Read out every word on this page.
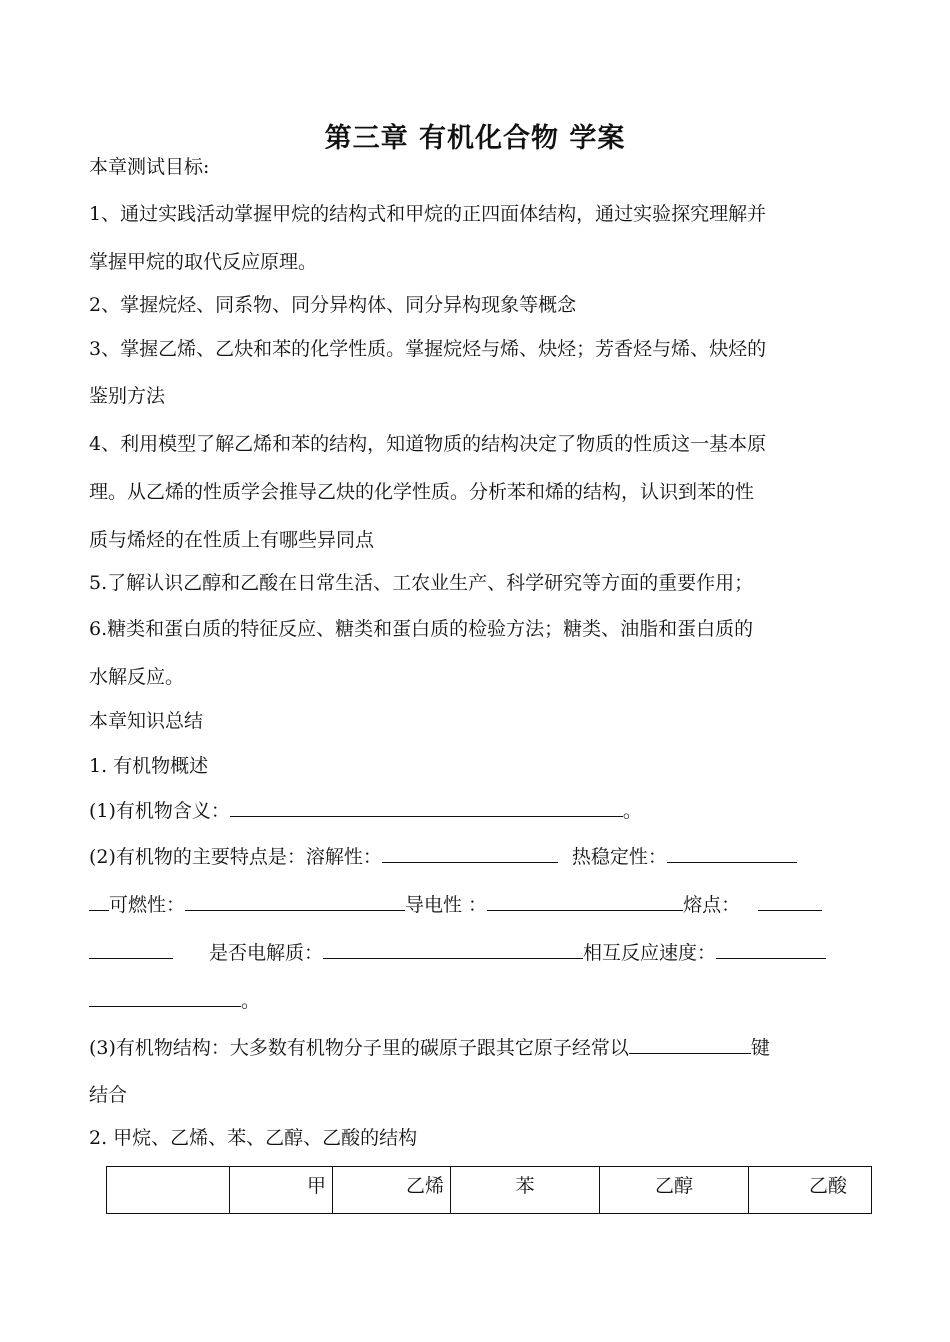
第三章 有机化合物 学案
本章测试目标:
1、通过实践活动掌握甲烷的结构式和甲烷的正四面体结构，通过实验探究理解并
掌握甲烷的取代反应原理。
2、掌握烷烃、同系物、同分异构体、同分异构现象等概念
3、掌握乙烯、乙炔和苯的化学性质。掌握烷烃与烯、炔烃；芳香烃与烯、炔烃的
鉴别方法
4、利用模型了解乙烯和苯的结构，知道物质的结构决定了物质的性质这一基本原
理。从乙烯的性质学会推导乙炔的化学性质。分析苯和烯的结构，认识到苯的性
质与烯烃的在性质上有哪些异同点
5.了解认识乙醇和乙酸在日常生活、工农业生产、科学研究等方面的重要作用；
6.糖类和蛋白质的特征反应、糖类和蛋白质的检验方法；糖类、油脂和蛋白质的
水解反应。
本章知识总结
1. 有机物概述
(1)有机物含义：	。
(2)有机物的主要特点是：溶解性：	热稳定性：
可燃性：	导电性 ：	熔点：
是否电解质：	相互反应速度：
。
(3)有机物结构：大多数有机物分子里的碳原子跟其它原子经常以	键
结合
2. 甲烷、乙烯、苯、乙醇、乙酸的结构
	甲	乙烯	苯	乙醇	乙酸
